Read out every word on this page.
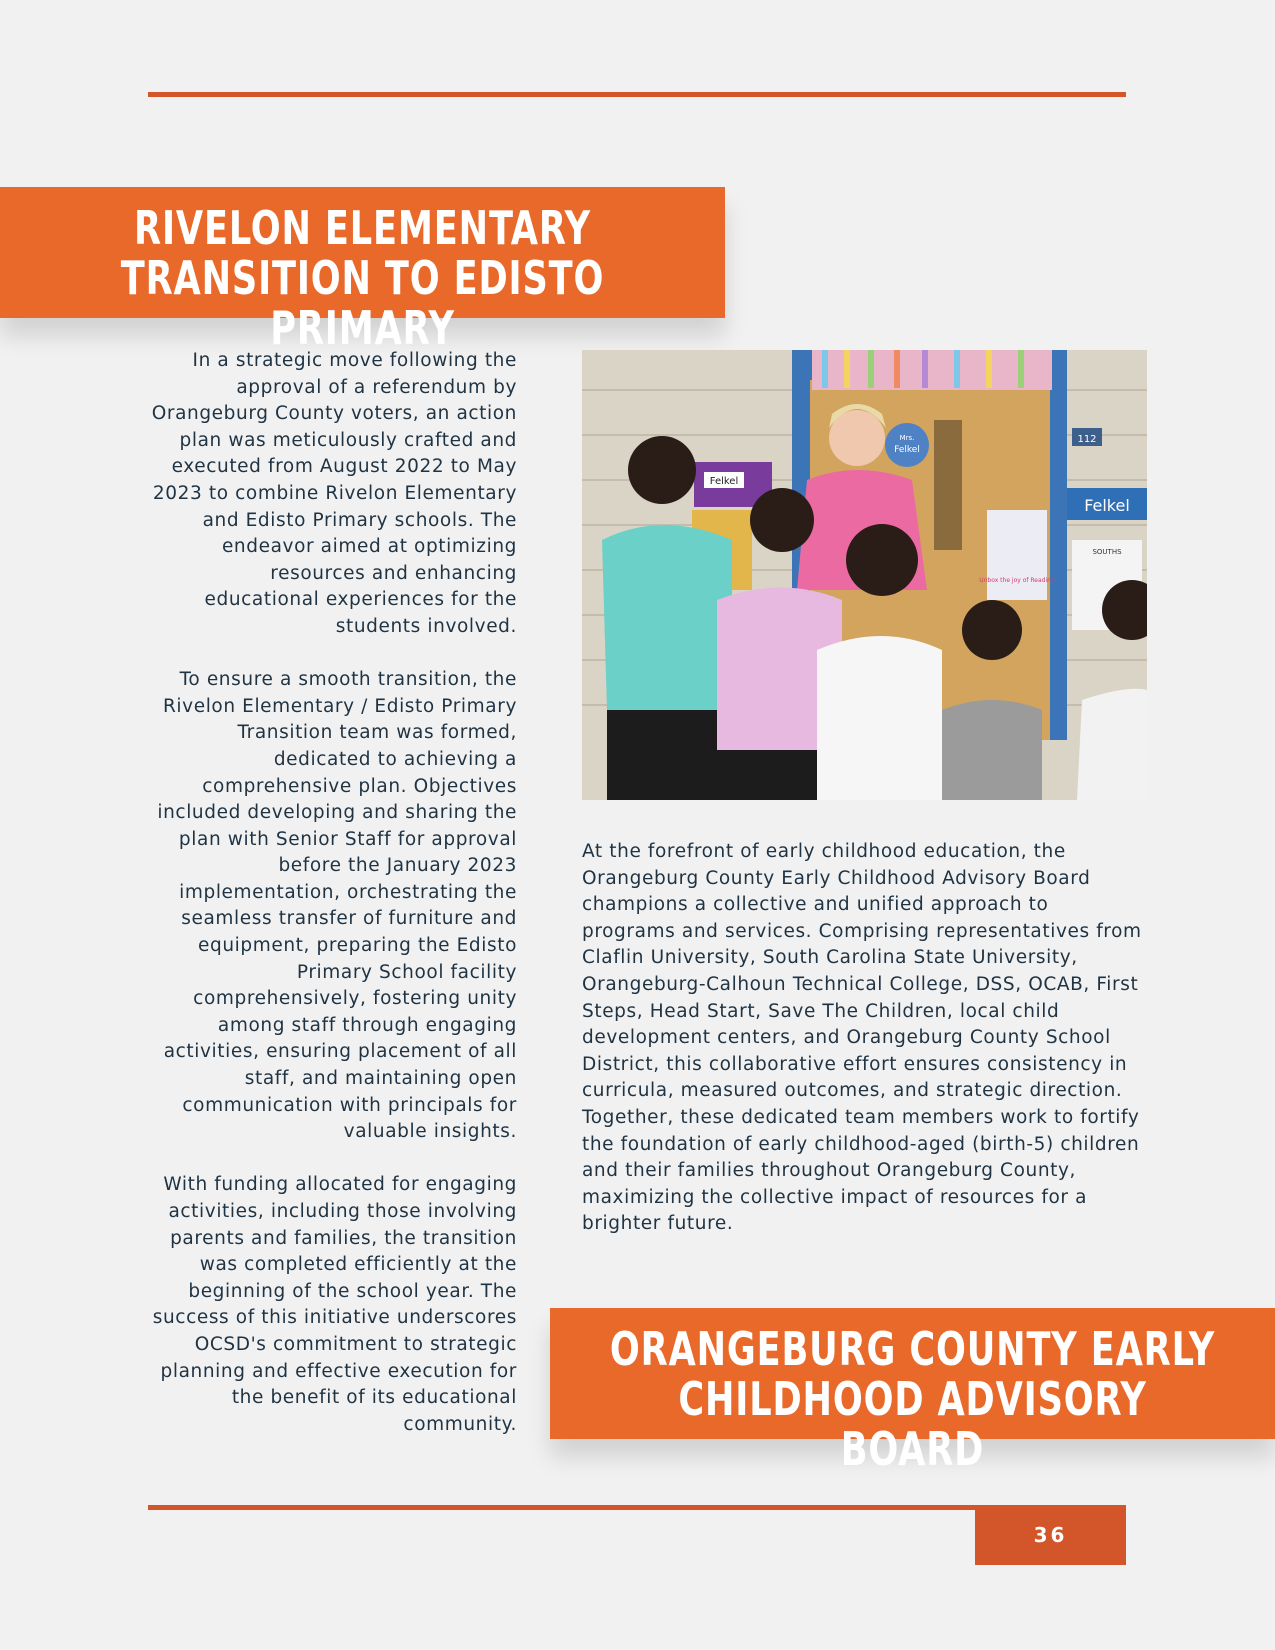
RIVELON ELEMENTARY
TRANSITION TO EDISTO PRIMARY

In a strategic move following the approval of a referendum by Orangeburg County voters, an action plan was meticulously crafted and executed from August 2022 to May 2023 to combine Rivelon Elementary and Edisto Primary schools. The endeavor aimed at optimizing resources and enhancing educational experiences for the students involved.

To ensure a smooth transition, the Rivelon Elementary / Edisto Primary Transition team was formed, dedicated to achieving a comprehensive plan. Objectives included developing and sharing the plan with Senior Staff for approval before the January 2023 implementation, orchestrating the seamless transfer of furniture and equipment, preparing the Edisto Primary School facility comprehensively, fostering unity among staff through engaging activities, ensuring placement of all staff, and maintaining open communication with principals for valuable insights.

With funding allocated for engaging activities, including those involving parents and families, the transition was completed efficiently at the beginning of the school year. The success of this initiative underscores OCSD's commitment to strategic planning and effective execution for the benefit of its educational community.

112
Felkel
SOUTHS
Unbox the joy of Reading
Mrs.
Felkel
Felkel

At the forefront of early childhood education, the Orangeburg County Early Childhood Advisory Board champions a collective and unified approach to programs and services. Comprising representatives from Claflin University, South Carolina State University, Orangeburg-Calhoun Technical College, DSS, OCAB, First Steps, Head Start, Save The Children, local child development centers, and Orangeburg County School District, this collaborative effort ensures consistency in curricula, measured outcomes, and strategic direction. Together, these dedicated team members work to fortify the foundation of early childhood-aged (birth-5) children and their families throughout Orangeburg County, maximizing the collective impact of resources for a brighter future.

ORANGEBURG COUNTY EARLY
CHILDHOOD ADVISORY BOARD
36
